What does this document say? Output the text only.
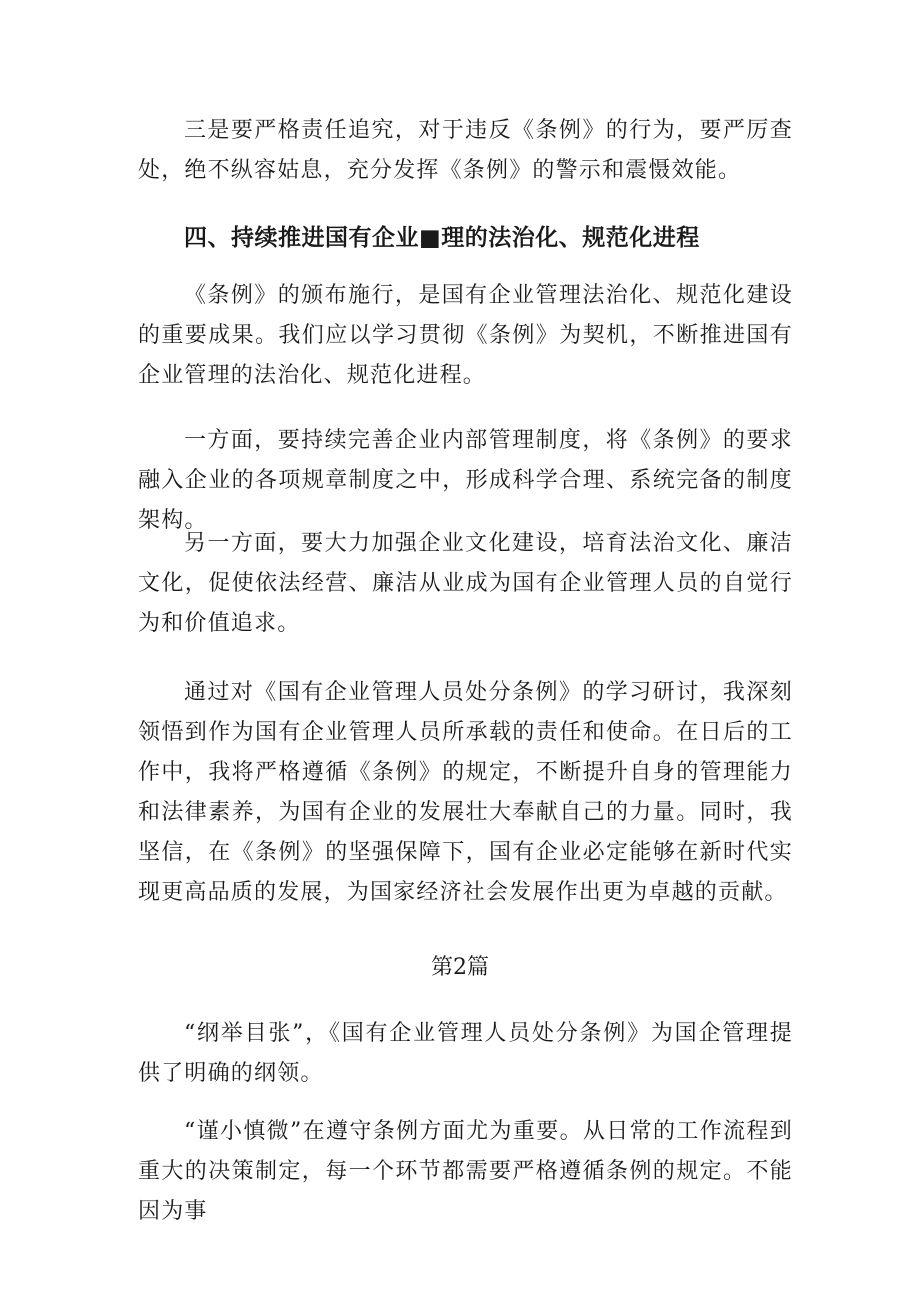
三是要严格责任追究，对于违反《条例》的行为，要严厉查处，绝不纵容姑息，充分发挥《条例》的警示和震慑效能。

四、持续推进国有企业■理的法治化、规范化进程

《条例》的颁布施行，是国有企业管理法治化、规范化建设的重要成果。我们应以学习贯彻《条例》为契机，不断推进国有企业管理的法治化、规范化进程。

一方面，要持续完善企业内部管理制度，将《条例》的要求融入企业的各项规章制度之中，形成科学合理、系统完备的制度架构。

另一方面，要大力加强企业文化建设，培育法治文化、廉洁文化，促使依法经营、廉洁从业成为国有企业管理人员的自觉行为和价值追求。

通过对《国有企业管理人员处分条例》的学习研讨，我深刻领悟到作为国有企业管理人员所承载的责任和使命。在日后的工作中，我将严格遵循《条例》的规定，不断提升自身的管理能力和法律素养，为国有企业的发展壮大奉献自己的力量。同时，我坚信，在《条例》的坚强保障下，国有企业必定能够在新时代实现更高品质的发展，为国家经济社会发展作出更为卓越的贡献。

第2篇

“纲举目张”，《国有企业管理人员处分条例》为国企管理提供了明确的纲领。

“谨小慎微”在遵守条例方面尤为重要。从日常的工作流程到重大的决策制定，每一个环节都需要严格遵循条例的规定。不能因为事
